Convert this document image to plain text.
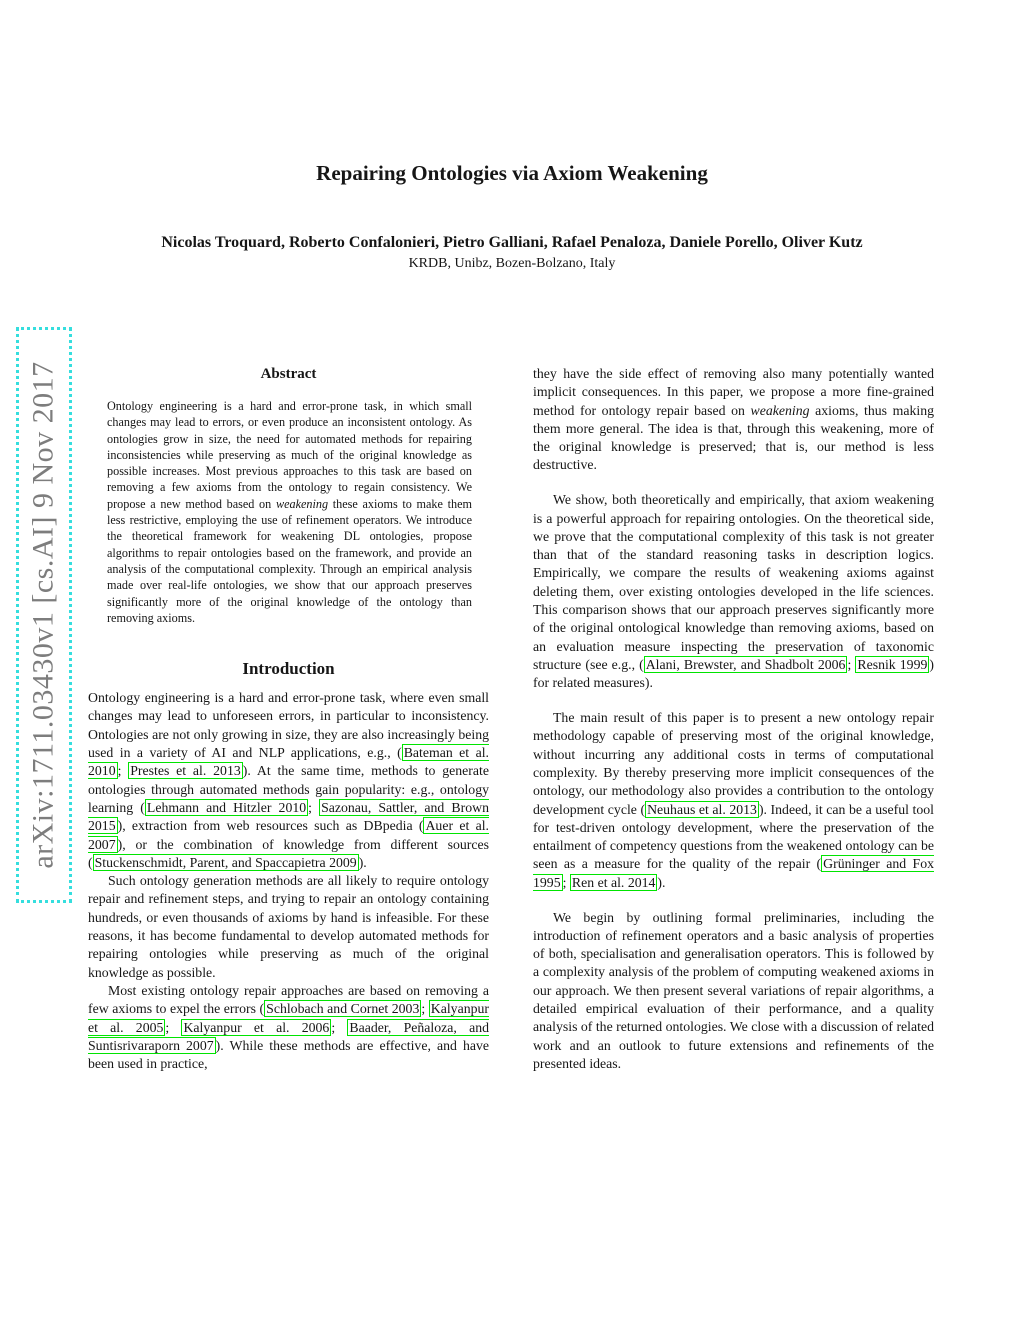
arXiv:1711.03430v1 [cs.AI] 9 Nov 2017
Repairing Ontologies via Axiom Weakening
Nicolas Troquard, Roberto Confalonieri, Pietro Galliani, Rafael Penaloza, Daniele Porello, Oliver Kutz
KRDB, Unibz, Bozen-Bolzano, Italy
Abstract

Ontology engineering is a hard and error-prone task, in which small changes may lead to errors, or even produce an inconsistent ontology. As ontologies grow in size, the need for automated methods for repairing inconsistencies while preserving as much of the original knowledge as possible increases. Most previous approaches to this task are based on removing a few axioms from the ontology to regain consistency. We propose a new method based on weakening these axioms to make them less restrictive, employing the use of refinement operators. We introduce the theoretical framework for weakening DL ontologies, propose algorithms to repair ontologies based on the framework, and provide an analysis of the computational complexity. Through an empirical analysis made over real-life ontologies, we show that our approach preserves significantly more of the original knowledge of the ontology than removing axioms.

Introduction

Ontology engineering is a hard and error-prone task, where even small changes may lead to unforeseen errors, in particular to inconsistency. Ontologies are not only growing in size, they are also increasingly being used in a variety of AI and NLP applications, e.g., ( Bateman et al. 2010 ; Prestes et al. 2013 ). At the same time, methods to generate ontologies through automated methods gain popularity: e.g., ontology learning ( Lehmann and Hitzler 2010 ; Sazonau, Sattler, and Brown 2015 ), extraction from web resources such as DBpedia ( Auer et al. 2007 ), or the combination of knowledge from different sources ( Stuckenschmidt, Parent, and Spaccapietra 2009 ).

Such ontology generation methods are all likely to require ontology repair and refinement steps, and trying to repair an ontology containing hundreds, or even thousands of axioms by hand is infeasible. For these reasons, it has become fundamental to develop automated methods for repairing ontologies while preserving as much of the original knowledge as possible.

Most existing ontology repair approaches are based on removing a few axioms to expel the errors ( Schlobach and Cornet 2003 ; Kalyanpur et al. 2005 ; Kalyanpur et al. 2006 ; Baader, Peñaloza, and Suntisrivaraporn 2007 ). While these methods are effective, and have been used in practice,

they have the side effect of removing also many potentially wanted implicit consequences. In this paper, we propose a more fine-grained method for ontology repair based on weakening axioms, thus making them more general. The idea is that, through this weakening, more of the original knowledge is preserved; that is, our method is less destructive.

We show, both theoretically and empirically, that axiom weakening is a powerful approach for repairing ontologies. On the theoretical side, we prove that the computational complexity of this task is not greater than that of the standard reasoning tasks in description logics. Empirically, we compare the results of weakening axioms against deleting them, over existing ontologies developed in the life sciences. This comparison shows that our approach preserves significantly more of the original ontological knowledge than removing axioms, based on an evaluation measure inspecting the preservation of taxonomic structure (see e.g., ( Alani, Brewster, and Shadbolt 2006 ; Resnik 1999 ) for related measures).

The main result of this paper is to present a new ontology repair methodology capable of preserving most of the original knowledge, without incurring any additional costs in terms of computational complexity. By thereby preserving more implicit consequences of the ontology, our methodology also provides a contribution to the ontology development cycle ( Neuhaus et al. 2013 ). Indeed, it can be a useful tool for test-driven ontology development, where the preservation of the entailment of competency questions from the weakened ontology can be seen as a measure for the quality of the repair ( Grüninger and Fox 1995 ; Ren et al. 2014 ).

We begin by outlining formal preliminaries, including the introduction of refinement operators and a basic analysis of properties of both, specialisation and generalisation operators. This is followed by a complexity analysis of the problem of computing weakened axioms in our approach. We then present several variations of repair algorithms, a detailed empirical evaluation of their performance, and a quality analysis of the returned ontologies. We close with a discussion of related work and an outlook to future extensions and refinements of the presented ideas.
